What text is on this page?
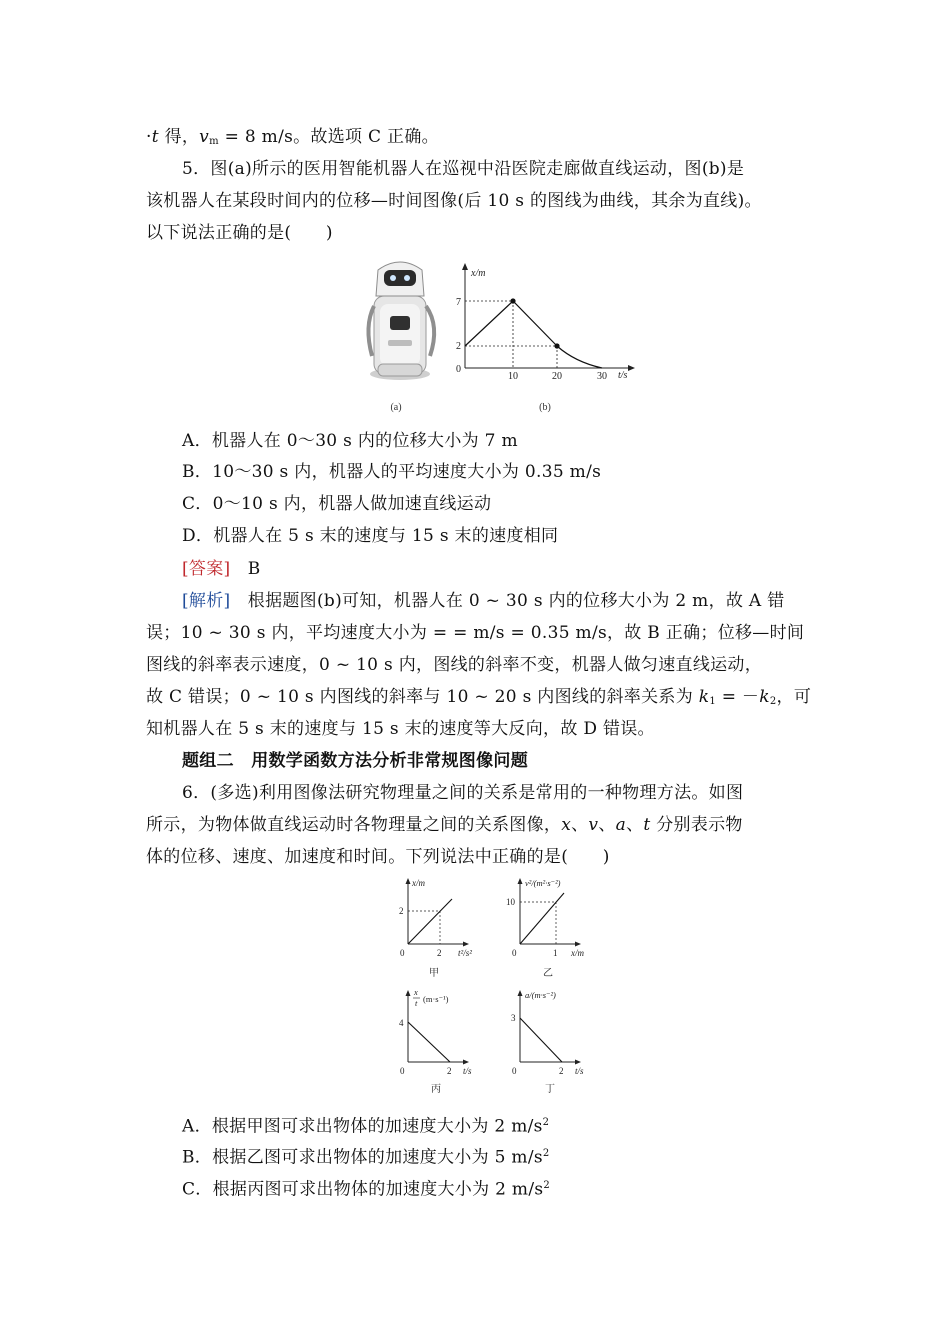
·t 得，$v_m = 8$ m/s。故选项 C 正确。
5．图(a)所示的医用智能机器人在巡视中沿医院走廊做直线运动，图(b)是
该机器人在某段时间内的位移—时间图像(后 10 s 的图线为曲线，其余为直线)。
以下说法正确的是(　　)
(a)
x/m
t/s
0
2
7
10	20	30
(b)
A．机器人在 0～30 s 内的位移大小为 7 m
B．10～30 s 内，机器人的平均速度大小为 0.35 m/s
C．0～10 s 内，机器人做加速直线运动
D．机器人在 5 s 末的速度与 15 s 末的速度相同
[答案]　 B
[解析]　 根据题图(b)可知，机器人在 0 ~ 30 s 内的位移大小为 2 m，故 A 错
误；10 ~ 30 s 内，平均速度大小为 = = m/s = 0.35 m/s，故 B 正确；位移—时间
图线的斜率表示速度，0 ~ 10 s 内，图线的斜率不变，机器人做匀速直线运动，
故 C 错误；0 ~ 10 s 内图线的斜率与 10 ~ 20 s 内图线的斜率关系为 $k_1 = -k_2$，可
知机器人在 5 s 末的速度与 15 s 末的速度等大反向，故 D 错误。
题组二　用数学函数方法分析非常规图像问题
6．(多选)利用图像法研究物理量之间的关系是常用的一种物理方法。如图
所示，为物体做直线运动时各物理量之间的关系图像，x、v、a、t 分别表示物
体的位移、速度、加速度和时间。下列说法中正确的是(　　)
x/m
t²/s²
0	2
2
甲
v²/(m²·s⁻²)
x/m
0	1
10
乙
x
t (m·s⁻¹)
t/s
0	2
4
丙
a/(m·s⁻²)
t/s
0	2
3
丁
A．根据甲图可求出物体的加速度大小为 2 $m/s^2$
B．根据乙图可求出物体的加速度大小为 5 $m/s^2$
C．根据丙图可求出物体的加速度大小为 2 $m/s^2$
